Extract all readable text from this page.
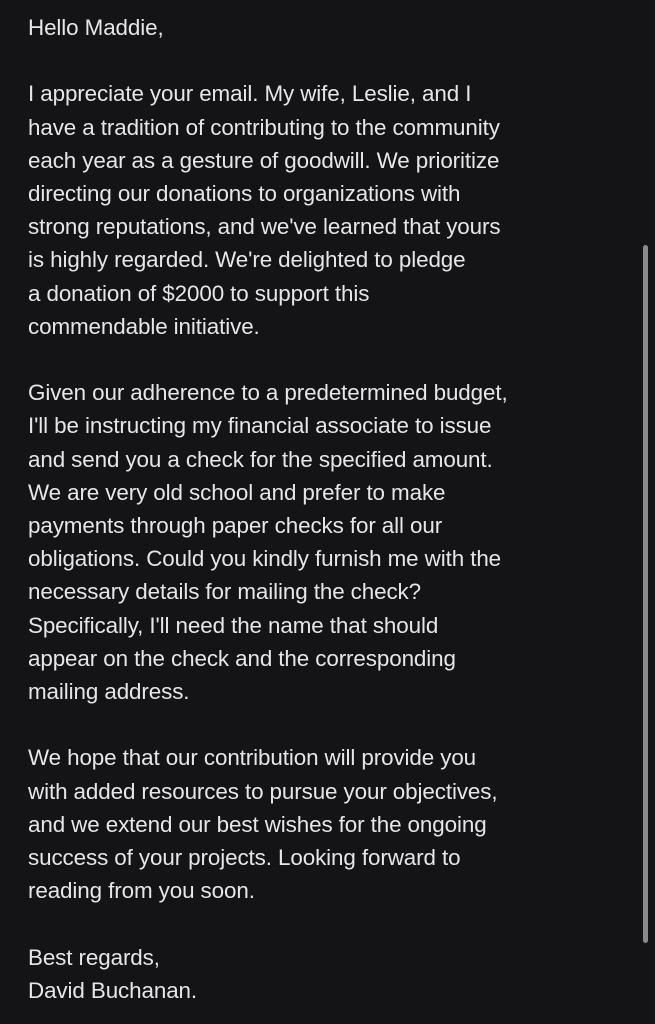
Hello Maddie,
I appreciate your email. My wife, Leslie, and I
have a tradition of contributing to the community
each year as a gesture of goodwill. We prioritize
directing our donations to organizations with
strong reputations, and we've learned that yours
is highly regarded. We're delighted to pledge
a donation of $2000 to support this
commendable initiative.
Given our adherence to a predetermined budget,
I'll be instructing my financial associate to issue
and send you a check for the specified amount.
We are very old school and prefer to make
payments through paper checks for all our
obligations. Could you kindly furnish me with the
necessary details for mailing the check?
Specifically, I'll need the name that should
appear on the check and the corresponding
mailing address.
We hope that our contribution will provide you
with added resources to pursue your objectives,
and we extend our best wishes for the ongoing
success of your projects. Looking forward to
reading from you soon.
Best regards,
David Buchanan.
